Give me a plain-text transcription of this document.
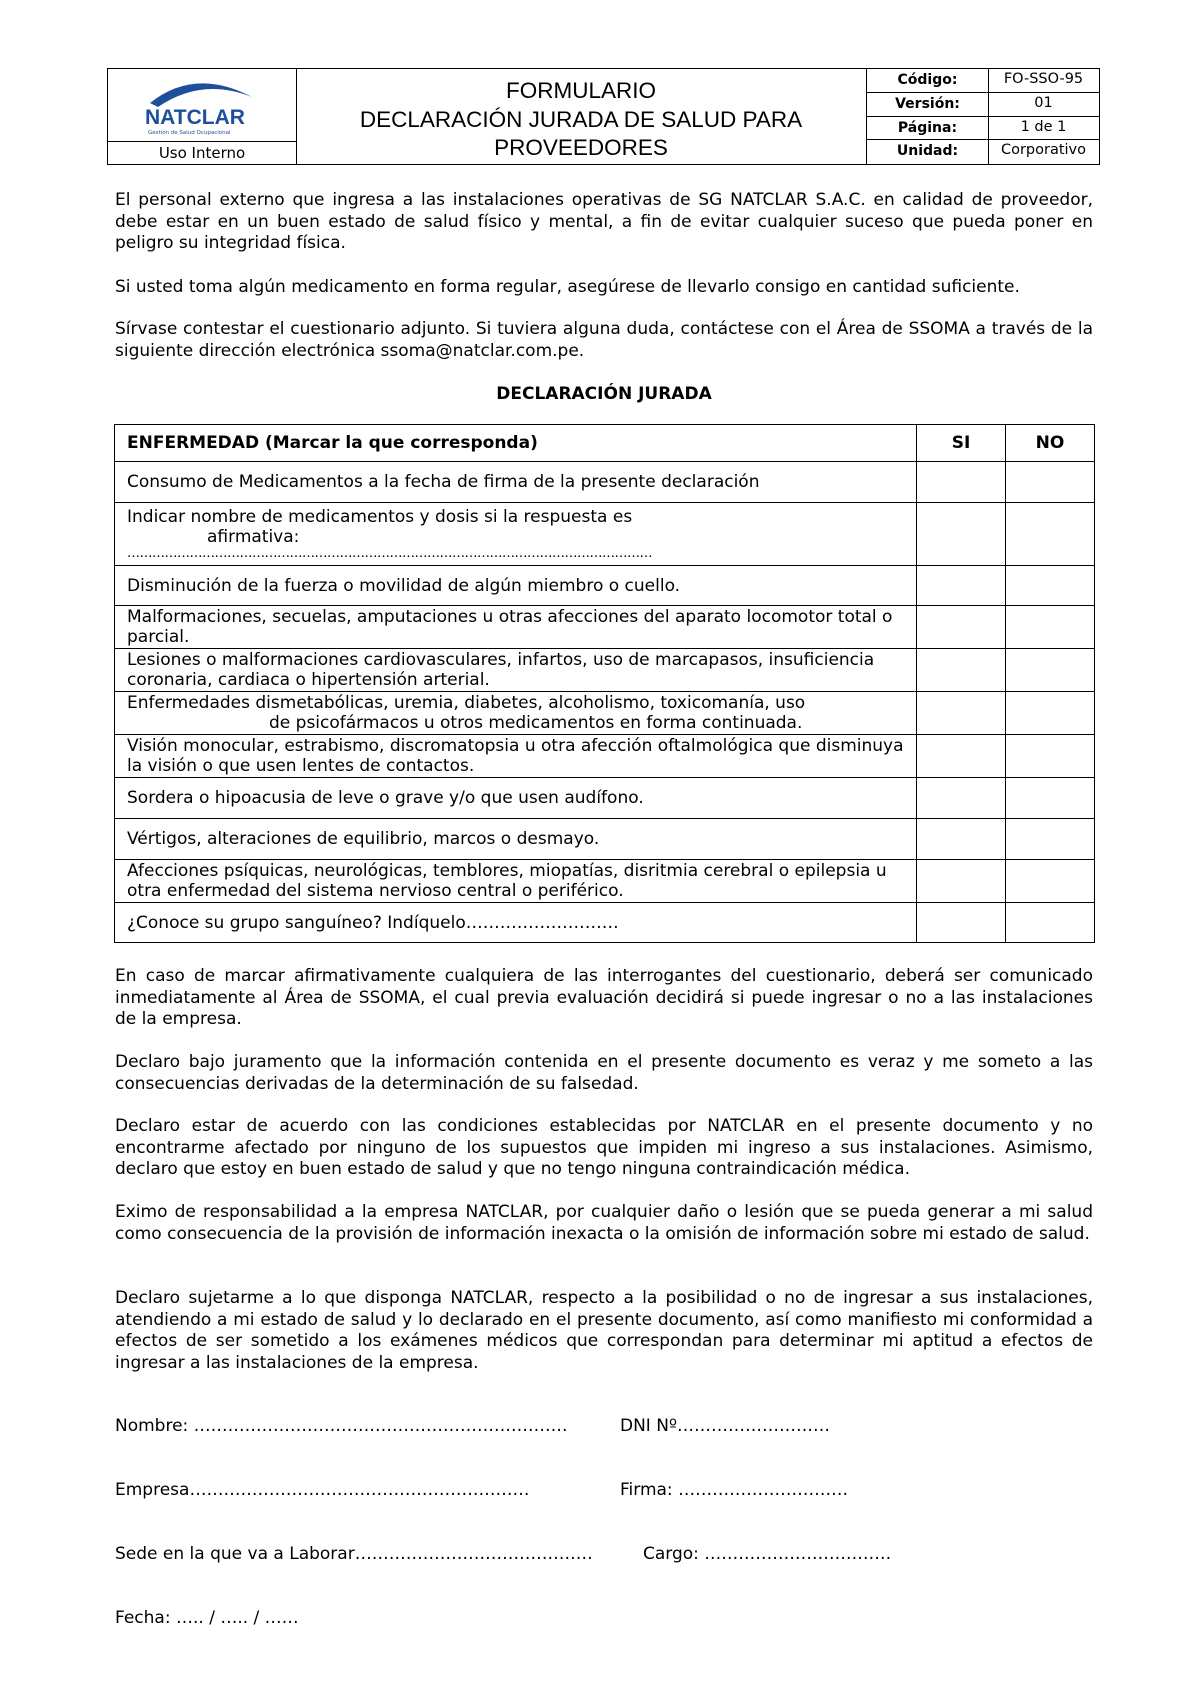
NATCLAR
Gestión de Salud Ocupacional
Uso Interno
FORMULARIO
DECLARACIÓN JURADA DE SALUD PARA
PROVEEDORES
Código:	FO-SSO-95
Versión:	01
Página:	1 de 1
Unidad:	Corporativo
El personal externo que ingresa a las instalaciones operativas de SG NATCLAR S.A.C. en calidad de proveedor, debe estar en un buen estado de salud físico y mental, a fin de evitar cualquier suceso que pueda poner en peligro su integridad física.
Si usted toma algún medicamento en forma regular, asegúrese de llevarlo consigo en cantidad suficiente.
Sírvase contestar el cuestionario adjunto. Si tuviera alguna duda, contáctese con el Área de SSOMA a través de la siguiente dirección electrónica ssoma@natclar.com.pe.
DECLARACIÓN JURADA
ENFERMEDAD (Marcar la que corresponda)	SI	NO
Consumo de Medicamentos a la fecha de firma de la presente declaración		

Indicar nombre de medicamentos y dosis si la respuesta es
afirmativa:
………………………………………………………………………………………………………………		

Disminución de la fuerza o movilidad de algún miembro o cuello.		
Malformaciones, secuelas, amputaciones u otras afecciones del aparato locomotor total o parcial.		
Lesiones o malformaciones cardiovasculares, infartos, uso de marcapasos, insuficiencia coronaria, cardiaca o hipertensión arterial.		

Enfermedades dismetabólicas, uremia, diabetes, alcoholismo, toxicomanía, uso
de psicofármacos u otros medicamentos en forma continuada.		

Visión monocular, estrabismo, discromatopsia u otra afección oftalmológica que disminuya la visión o que usen lentes de contactos.		
Sordera o hipoacusia de leve o grave y/o que usen audífono.		
Vértigos, alteraciones de equilibrio, marcos o desmayo.		
Afecciones psíquicas, neurológicas, temblores, miopatías, disritmia cerebral o epilepsia u otra enfermedad del sistema nervioso central o periférico.		
¿Conoce su grupo sanguíneo? Indíquelo………………………		
En caso de marcar afirmativamente cualquiera de las interrogantes del cuestionario, deberá ser comunicado inmediatamente al Área de SSOMA, el cual previa evaluación decidirá si puede ingresar o no a las instalaciones de la empresa.
Declaro bajo juramento que la información contenida en el presente documento es veraz y me someto a las consecuencias derivadas de la determinación de su falsedad.
Declaro estar de acuerdo con las condiciones establecidas por NATCLAR en el presente documento y no encontrarme afectado por ninguno de los supuestos que impiden mi ingreso a sus instalaciones. Asimismo, declaro que estoy en buen estado de salud y que no tengo ninguna contraindicación médica.
Eximo de responsabilidad a la empresa NATCLAR, por cualquier daño o lesión que se pueda generar a mi salud como consecuencia de la provisión de información inexacta o la omisión de información sobre mi estado de salud.
Declaro sujetarme a lo que disponga NATCLAR, respecto a la posibilidad o no de ingresar a sus instalaciones, atendiendo a mi estado de salud y lo declarado en el presente documento, así como manifiesto mi conformidad a efectos de ser sometido a los exámenes médicos que correspondan para determinar mi aptitud a efectos de ingresar a las instalaciones de la empresa.
Nombre: …………………………………………………………	DNI Nº………………………
Empresa……………………………………………………	Firma: …………………………
Sede en la que va a Laborar……………………………………	Cargo: ……………………………
Fecha: ….. / ….. / ……
